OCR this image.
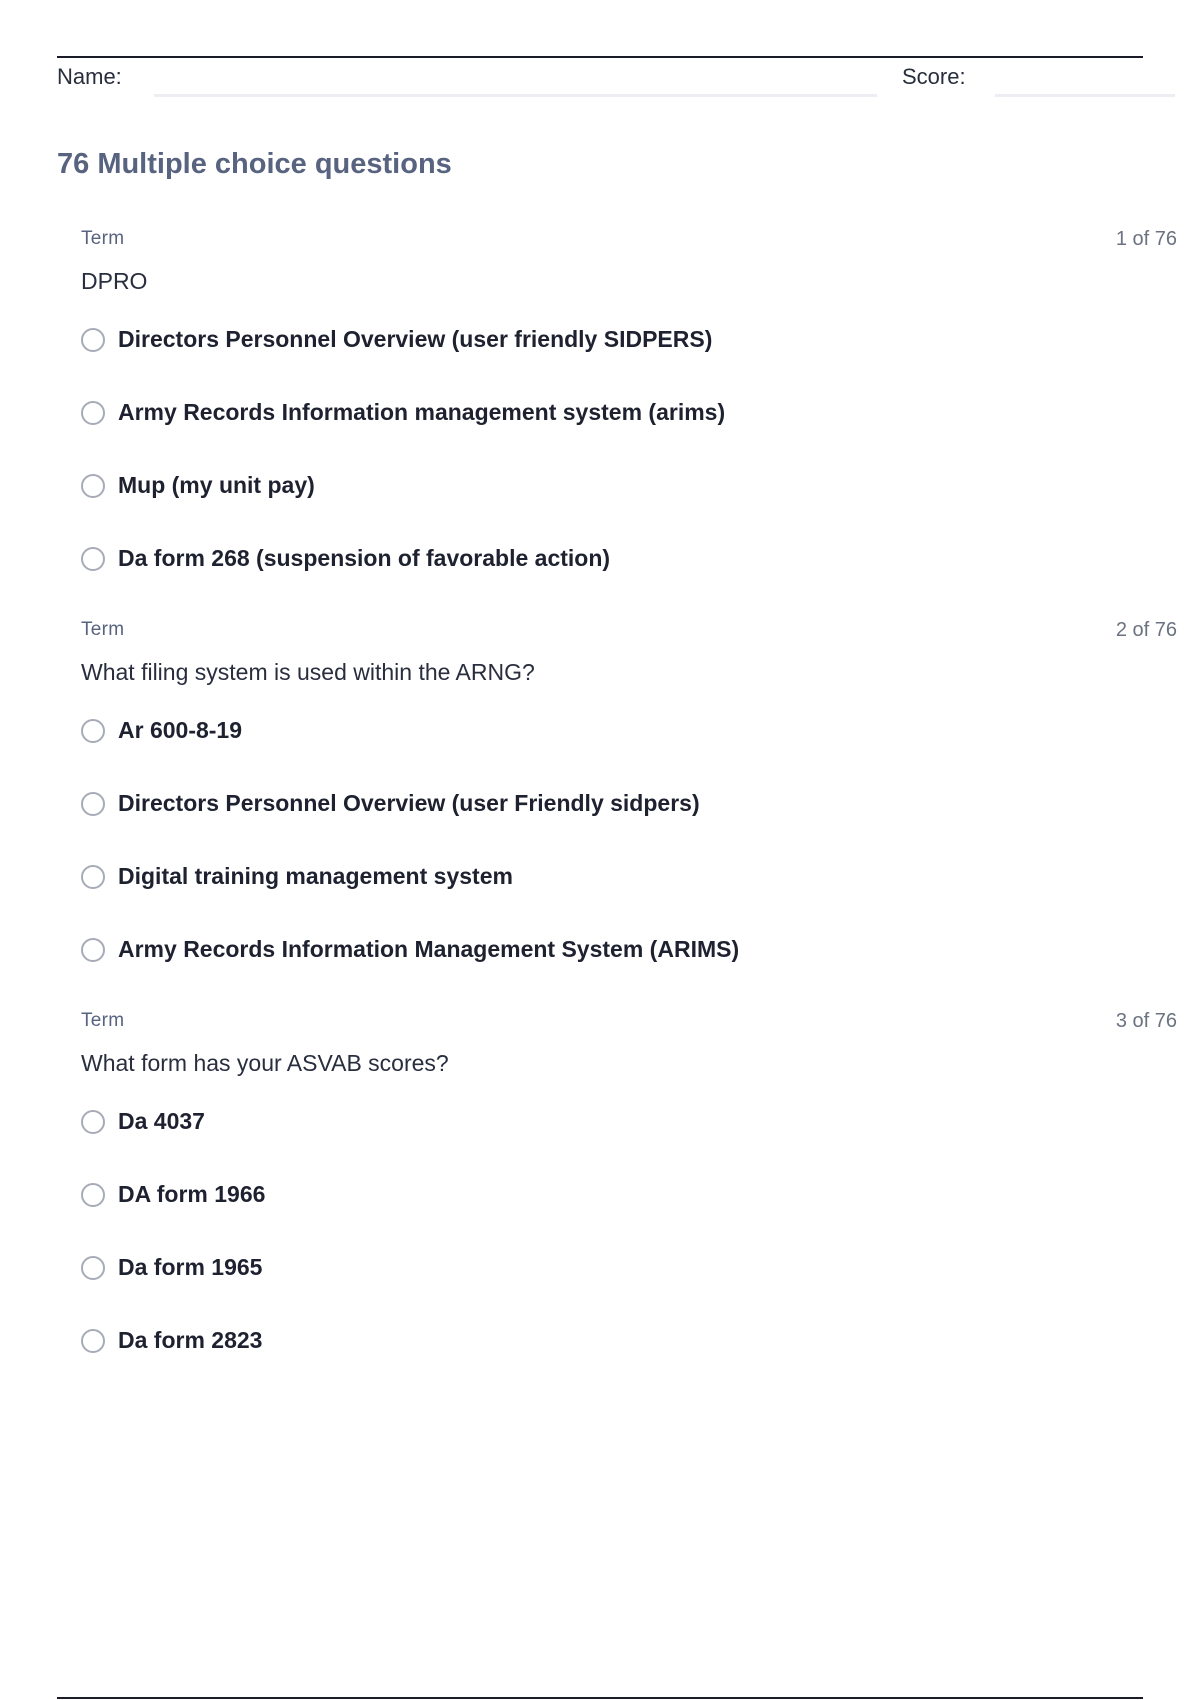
Name:	Score:
76 Multiple choice questions
Term	1 of 76
DPRO
Directors Personnel Overview (user friendly SIDPERS)
Army Records Information management system (arims)
Mup (my unit pay)
Da form 268 (suspension of favorable action)
Term	2 of 76
What filing system is used within the ARNG?
Ar 600-8-19
Directors Personnel Overview (user Friendly sidpers)
Digital training management system
Army Records Information Management System (ARIMS)
Term	3 of 76
What form has your ASVAB scores?
Da 4037
DA form 1966
Da form 1965
Da form 2823
